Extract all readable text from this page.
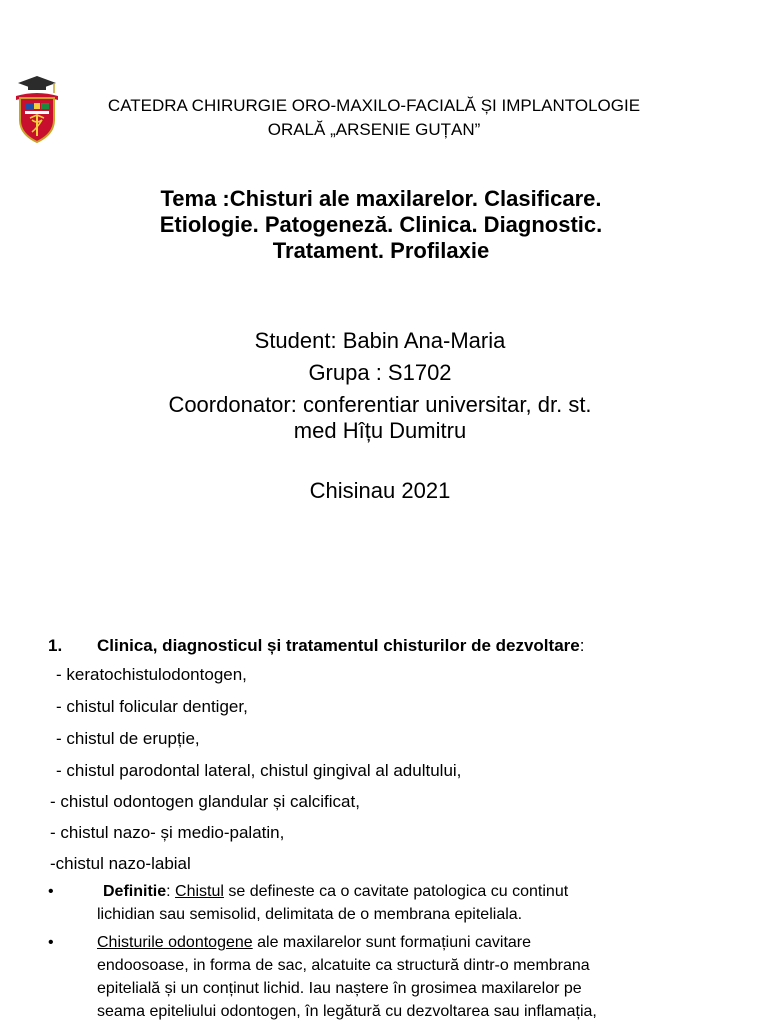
CATEDRA CHIRURGIE ORO-MAXILO-FACIALĂ ȘI IMPLANTOLOGIE
ORALĂ „ARSENIE GUȚAN”
Tema :Chisturi ale maxilarelor. Clasificare.
Etiologie. Patogeneză. Clinica. Diagnostic.
Tratament. Profilaxie
Student: Babin Ana-Maria
Grupa : S1702
Coordonator: conferentiar universitar, dr. st.
med Hîțu Dumitru
Chisinau 2021
1. Clinica, diagnosticul și tratamentul chisturilor de dezvoltare:
- keratochistulodontogen,
- chistul folicular dentiger,
- chistul de erupție,
- chistul parodontal lateral, chistul gingival al adultului,
- chistul odontogen glandular și calcificat,
- chistul nazo- și medio-palatin,
-chistul nazo-labial
•	Definitie: Chistul se defineste ca o cavitate patologica cu continut
lichidian sau semisolid, delimitata de o membrana epiteliala.
•	Chisturile odontogene ale maxilarelor sunt formațiuni cavitare
endoosoase, in forma de sac, alcatuite ca structură dintr-o membrana
epitelială și un conținut lichid. Iau naștere în grosimea maxilarelor pe
seama epiteliului odontogen, în legătură cu dezvoltarea sau inflamația,
